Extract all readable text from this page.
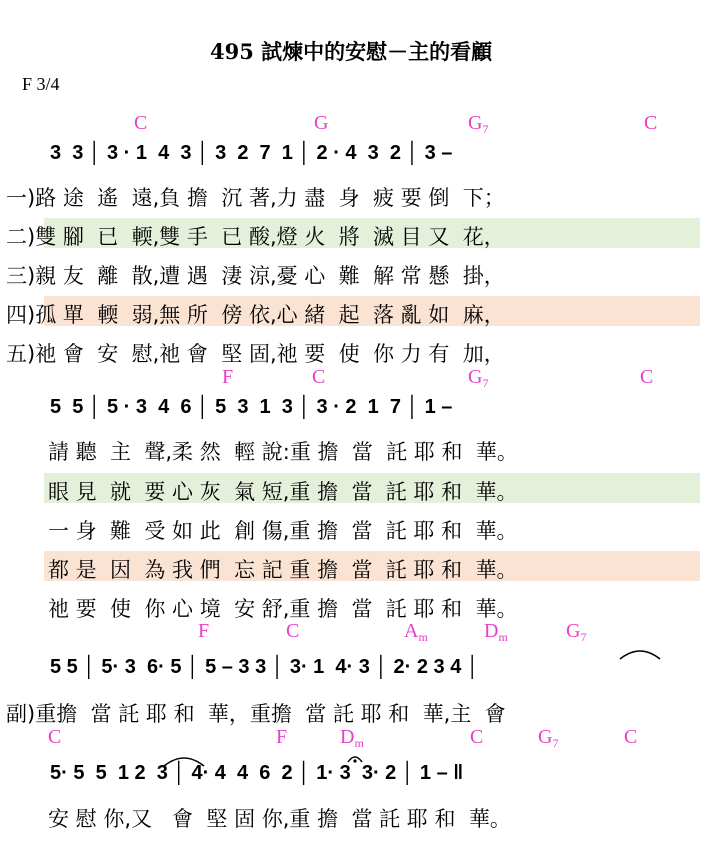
495 試煉中的安慰－主的看顧
F 3/4
C	G	$G_7$	C
3  3 │ 3 · 1  4  3 │ 3  2  7  1 │ 2 · 4  3  2 │ 3 –
一)路 途  遙  遠,負 擔  沉 著,力 盡  身  疲 要 倒  下；
二)雙 腳  已  輭,雙 手  已 酸,燈 火  將  滅 目 又  花，
三)親 友  離  散,遭 遇  淒 涼,憂 心  難  解 常 懸  掛，
四)孤 單  輭  弱,無 所  傍 依,心 緒  起  落 亂 如  麻，
五)祂 會  安  慰,祂 會  堅 固,祂 要  使  你 力 有  加，
F	C	$G_7$	C
5  5 │ 5 · 3  4  6 │ 5  3  1  3 │ 3 · 2  1  7 │ 1 –
請 聽  主  聲,柔 然  輕 說:重 擔  當  託 耶 和  華。
眼 見  就  要 心 灰  氣 短,重 擔  當  託 耶 和  華。
一 身  難  受 如 此  創 傷,重 擔  當  託 耶 和  華。
都 是  因  為 我 們  忘 記 重 擔  當  託 耶 和  華。
祂 要  使  你 心 境  安 舒,重 擔  當  託 耶 和  華。
F	C	$A_m$	$D_m$	$G_7$
5 5 │ 5· 3  6· 5 │ 5 – 3 3 │ 3· 1  4· 3 │ 2· 2 3 4 │
副)重擔  當 託 耶 和  華，重擔  當 託 耶 和  華,主  會
C	F	$D_m$	C	$G_7$	C
5· 5  5  1 2  3 │ 4· 4  4  6  2 │ 1· 3  3· 2 │ 1 – ‖
安 慰 你,又   會  堅 固 你,重 擔  當 託 耶 和  華。
